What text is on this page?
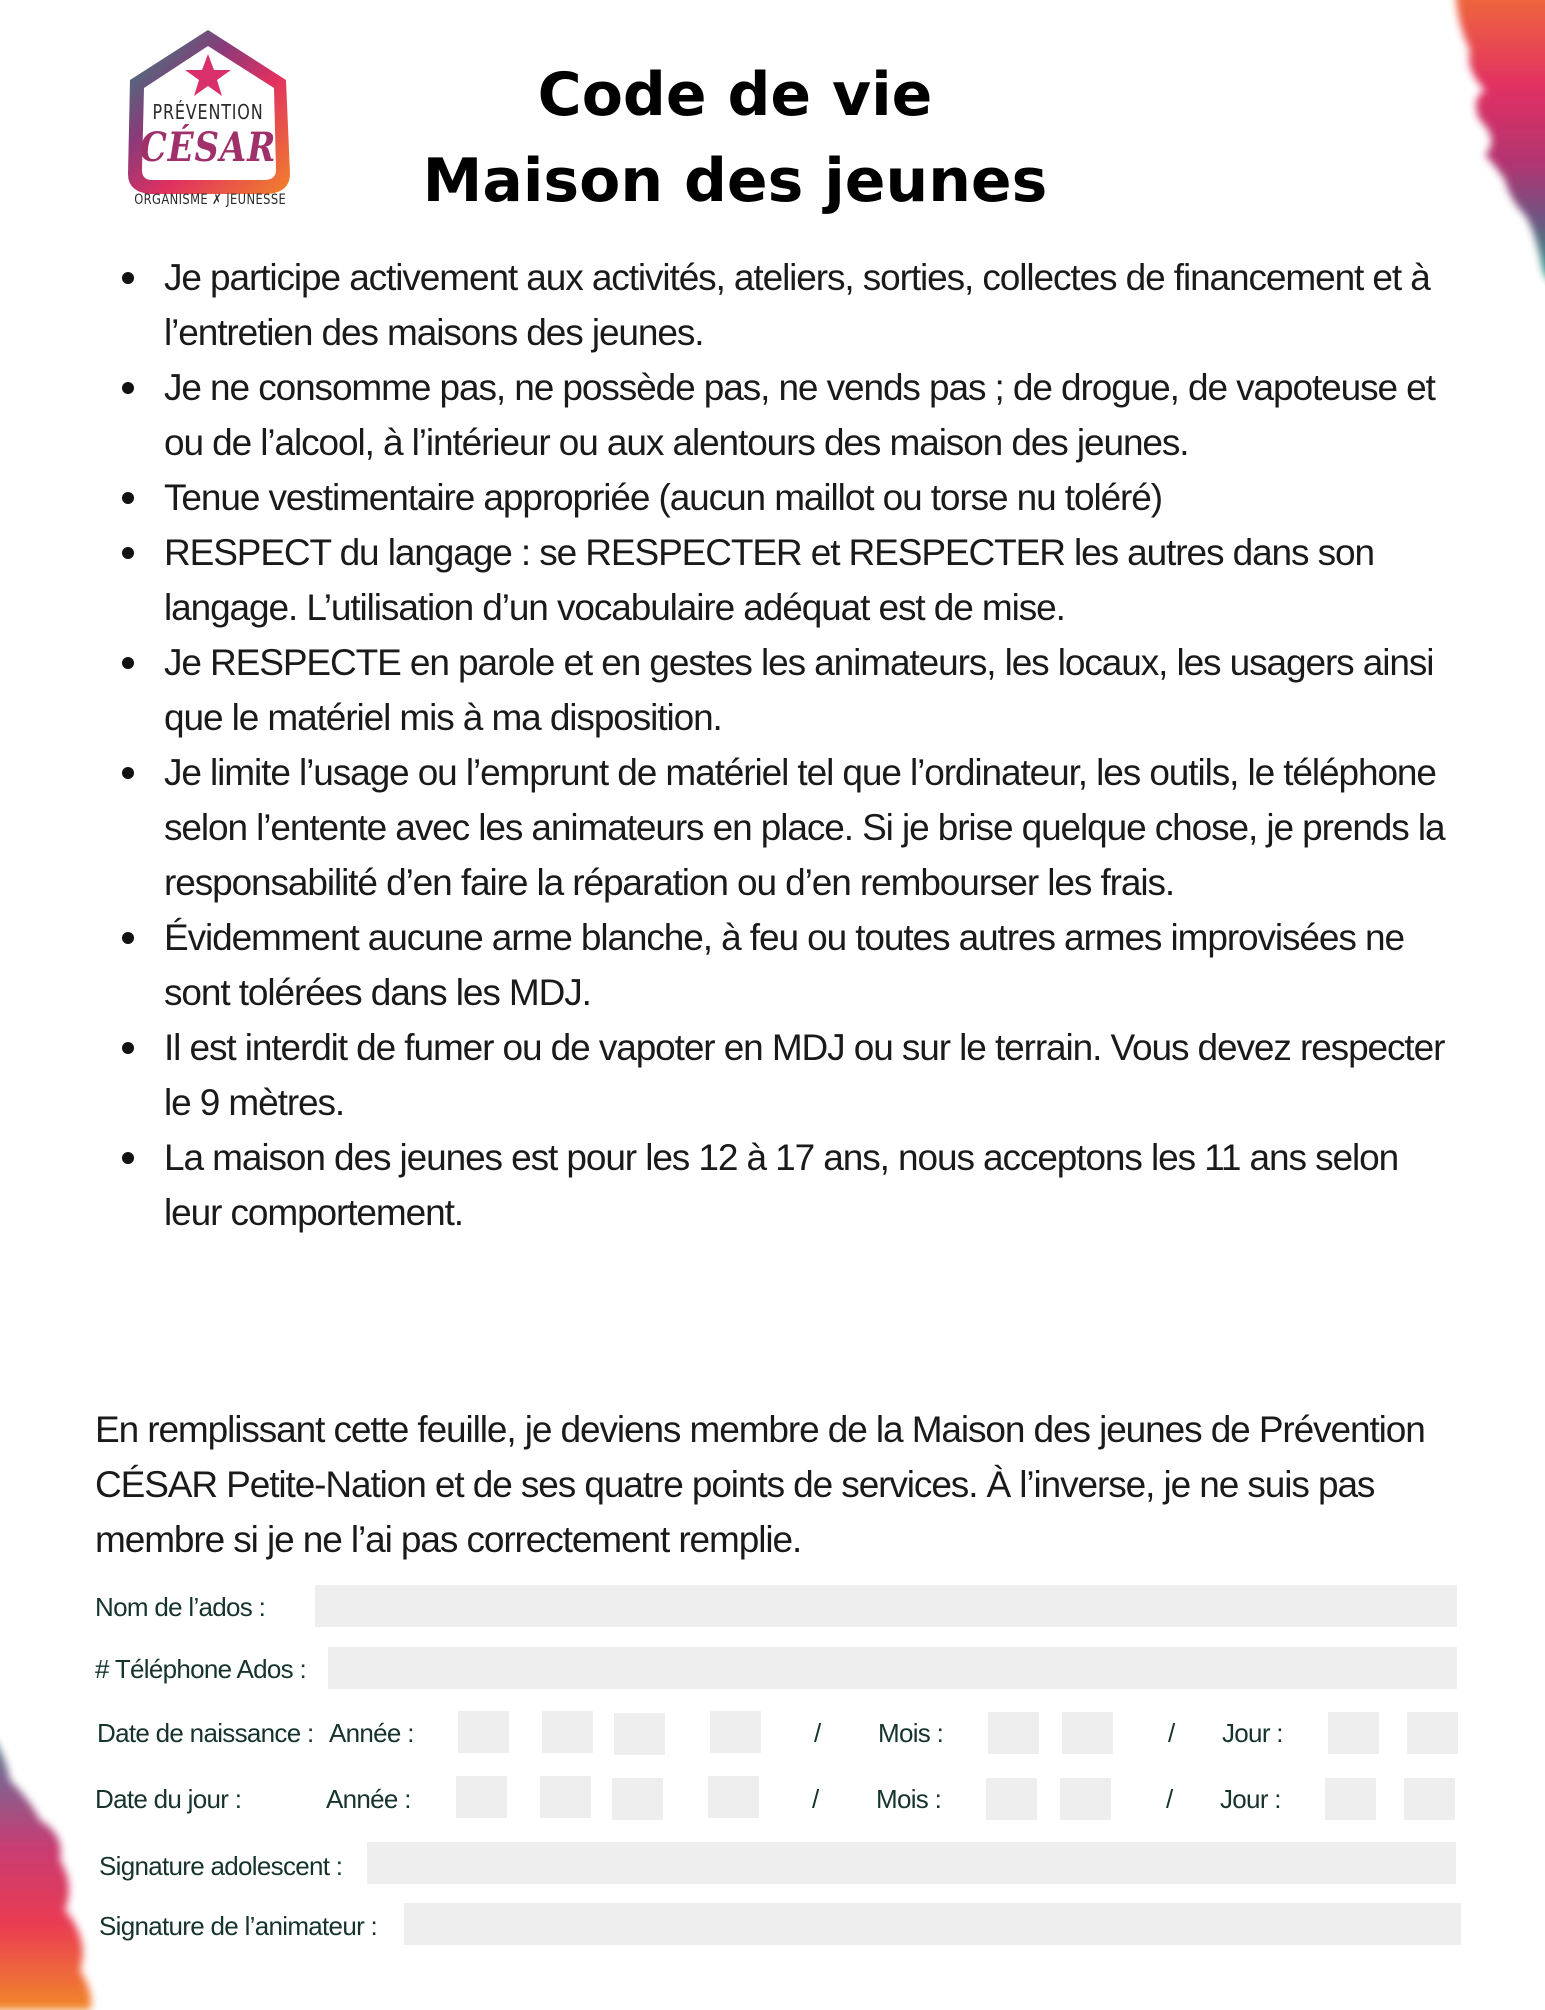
PRÉVENTION
CÉSAR
ORGANISME ✗ JEUNESSE
Code de vie
Maison des jeunes
Je participe activement aux activités, ateliers, sorties, collectes de financement et à l’entretien des maisons des jeunes.
Je ne consomme pas, ne possède pas, ne vends pas ; de drogue, de vapoteuse et ou de l’alcool, à l’intérieur ou aux alentours des maison des jeunes.
Tenue vestimentaire appropriée (aucun maillot ou torse nu toléré)
RESPECT du langage : se RESPECTER et RESPECTER les autres dans son langage. L’utilisation d’un vocabulaire adéquat est de mise.
Je RESPECTE en parole et en gestes les animateurs, les locaux, les usagers ainsi que le matériel mis à ma disposition.
Je limite l’usage ou l’emprunt de matériel tel que l’ordinateur, les outils, le téléphone selon l’entente avec les animateurs en place. Si je brise quelque chose, je prends la responsabilité d’en faire la réparation ou d’en rembourser les frais.
Évidemment aucune arme blanche, à feu ou toutes autres armes improvisées ne sont tolérées dans les MDJ.
Il est interdit de fumer ou de vapoter en MDJ ou sur le terrain. Vous devez respecter le 9 mètres.
La maison des jeunes est pour les 12 à 17 ans, nous acceptons les 11 ans selon leur comportement.
En remplissant cette feuille, je deviens membre de la Maison des jeunes de Prévention CÉSAR Petite-Nation et de ses quatre points de services. À l’inverse, je ne suis pas membre si je ne l’ai pas correctement remplie.
Nom de l’ados :
# Téléphone Ados :
Date de naissance : Année :	/ Mois :	/ Jour :
Date du jour :	Année :	/ Mois :	/ Jour :
Signature adolescent :
Signature de l’animateur :
